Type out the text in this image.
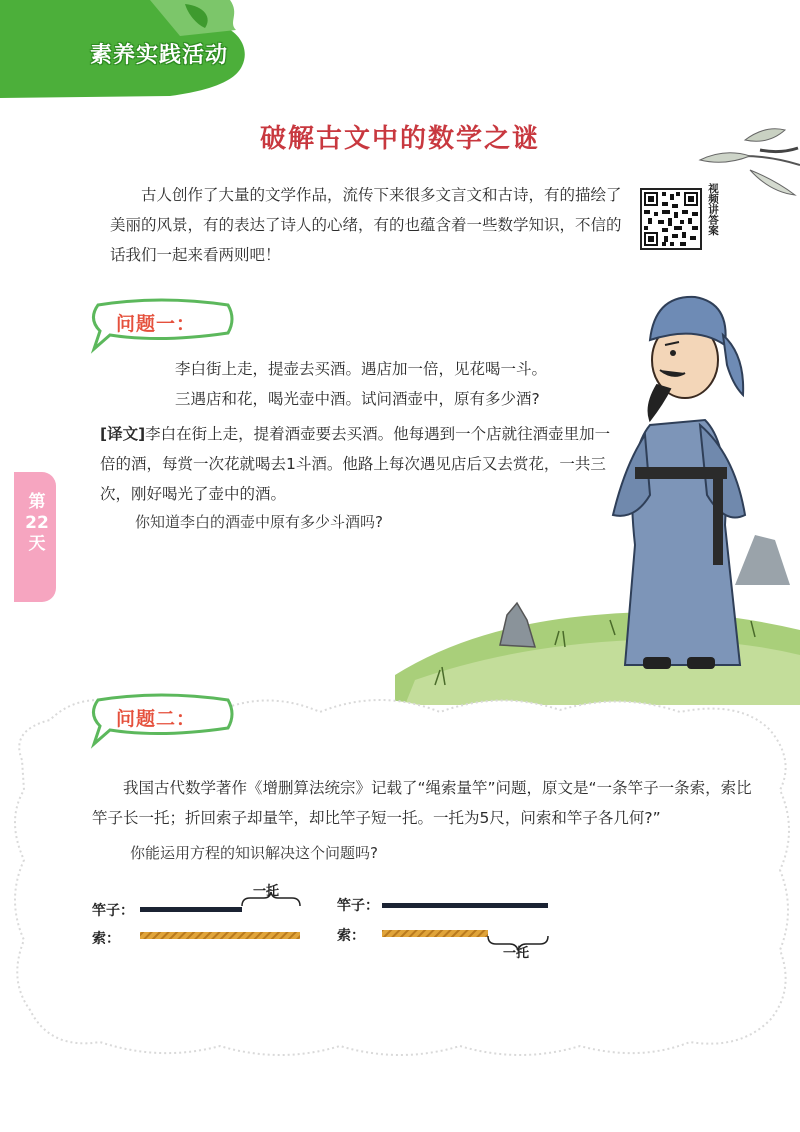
素养实践活动
破解古文中的数学之谜
古人创作了大量的文学作品，流传下来很多文言文和古诗，有的描绘了美丽的风景，有的表达了诗人的心绪，有的也蕴含着一些数学知识，不信的话我们一起来看两则吧！
视频讲答案
问题一：
李白街上走，提壶去买酒。遇店加一倍，见花喝一斗。
三遇店和花，喝光壶中酒。试问酒壶中，原有多少酒?
[译文]李白在街上走，提着酒壶要去买酒。他每遇到一个店就往酒壶里加一倍的酒，每赏一次花就喝去1斗酒。他路上每次遇见店后又去赏花，一共三次，刚好喝光了壶中的酒。
你知道李白的酒壶中原有多少斗酒吗?
第22天
问题二：
我国古代数学著作《增删算法统宗》记载了“绳索量竿”问题，原文是“一条竿子一条索，索比竿子长一托；折回索子却量竿，却比竿子短一托。一托为5尺，问索和竿子各几何?”
你能运用方程的知识解决这个问题吗?
竿子：
索：
一托
竿子：
索：
一托
